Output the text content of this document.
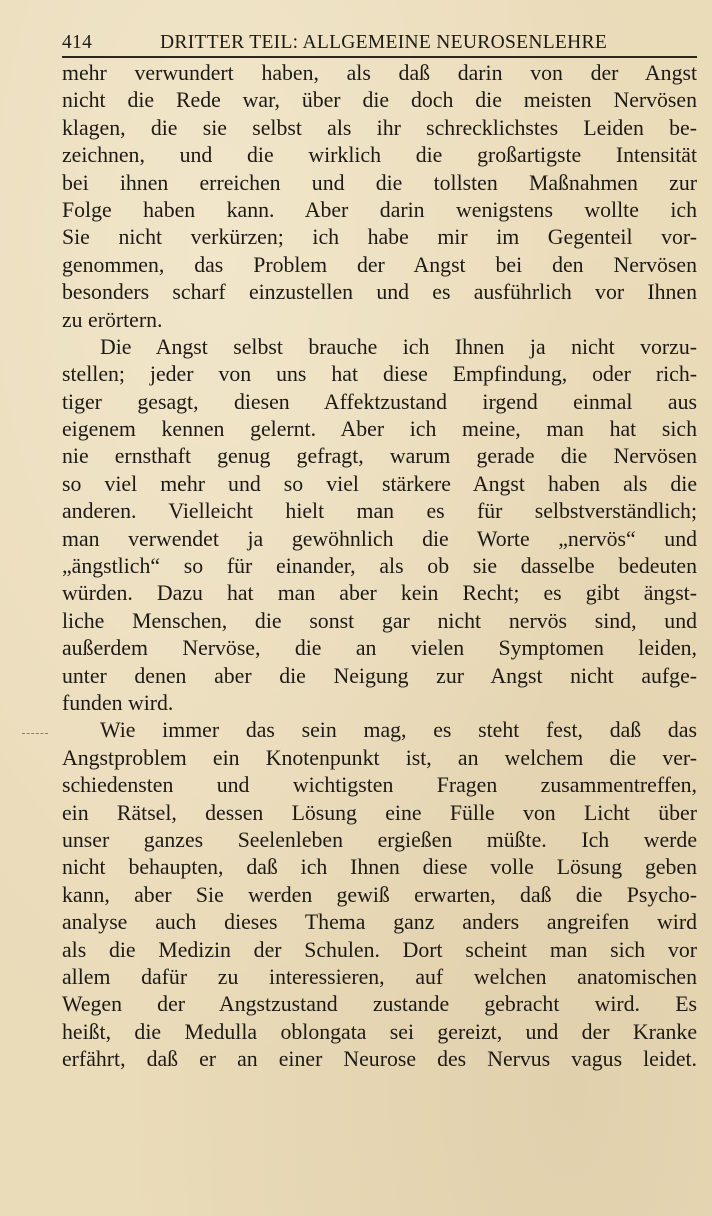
414	DRITTER TEIL: ALLGEMEINE NEUROSENLEHRE
mehr verwundert haben, als daß darin von der Angst
nicht die Rede war, über die doch die meisten Nervösen
klagen, die sie selbst als ihr schrecklichstes Leiden be-
zeichnen, und die wirklich die großartigste Intensität
bei ihnen erreichen und die tollsten Maßnahmen zur
Folge haben kann. Aber darin wenigstens wollte ich
Sie nicht verkürzen; ich habe mir im Gegenteil vor-
genommen, das Problem der Angst bei den Nervösen
besonders scharf einzustellen und es ausführlich vor Ihnen
zu erörtern.
Die Angst selbst brauche ich Ihnen ja nicht vorzu-
stellen; jeder von uns hat diese Empfindung, oder rich-
tiger gesagt, diesen Affektzustand irgend einmal aus
eigenem kennen gelernt. Aber ich meine, man hat sich
nie ernsthaft genug gefragt, warum gerade die Nervösen
so viel mehr und so viel stärkere Angst haben als die
anderen. Vielleicht hielt man es für selbstverständlich;
man verwendet ja gewöhnlich die Worte „nervös“ und
„ängstlich“ so für einander, als ob sie dasselbe bedeuten
würden. Dazu hat man aber kein Recht; es gibt ängst-
liche Menschen, die sonst gar nicht nervös sind, und
außerdem Nervöse, die an vielen Symptomen leiden,
unter denen aber die Neigung zur Angst nicht aufge-
funden wird.
Wie immer das sein mag, es steht fest, daß das
Angstproblem ein Knotenpunkt ist, an welchem die ver-
schiedensten und wichtigsten Fragen zusammentreffen,
ein Rätsel, dessen Lösung eine Fülle von Licht über
unser ganzes Seelenleben ergießen müßte. Ich werde
nicht behaupten, daß ich Ihnen diese volle Lösung geben
kann, aber Sie werden gewiß erwarten, daß die Psycho-
analyse auch dieses Thema ganz anders angreifen wird
als die Medizin der Schulen. Dort scheint man sich vor
allem dafür zu interessieren, auf welchen anatomischen
Wegen der Angstzustand zustande gebracht wird. Es
heißt, die Medulla oblongata sei gereizt, und der Kranke
erfährt, daß er an einer Neurose des Nervus vagus leidet.
